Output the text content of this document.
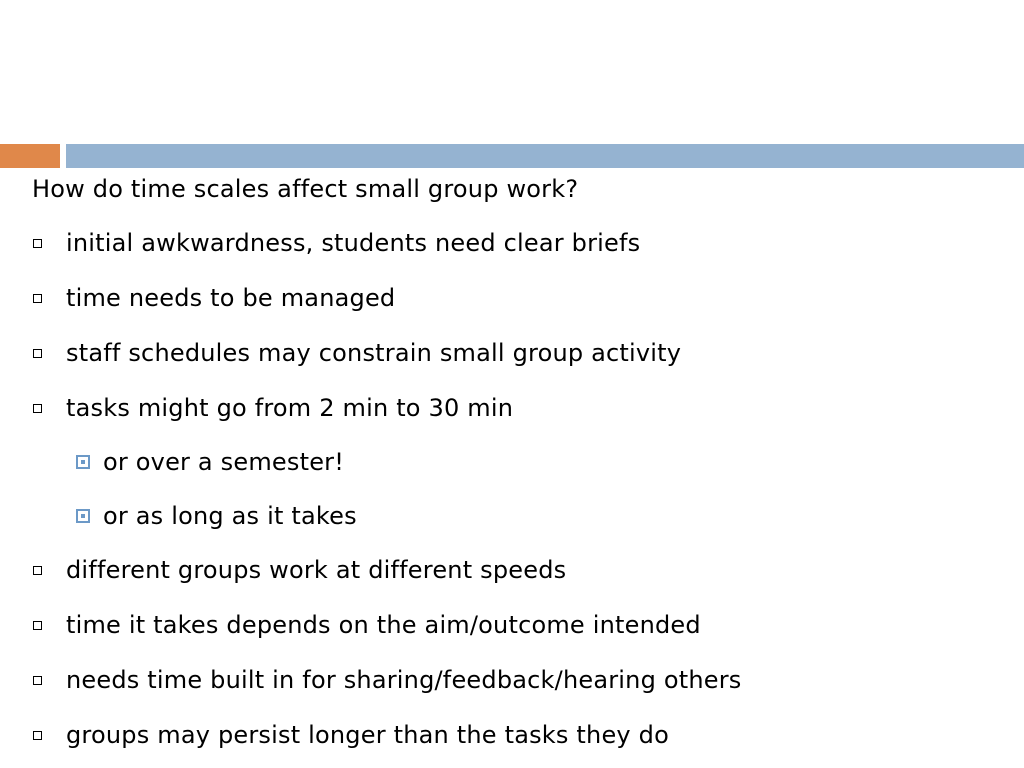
How do time scales affect small group work?
initial awkwardness, students need clear briefs
time needs to be managed
staff schedules may constrain small group activity
tasks might go from 2 min to 30 min
or over a semester!
or as long as it takes
different groups work at different speeds
time it takes depends on the aim/outcome intended
needs time built in for sharing/feedback/hearing others
groups may persist longer than the tasks they do
